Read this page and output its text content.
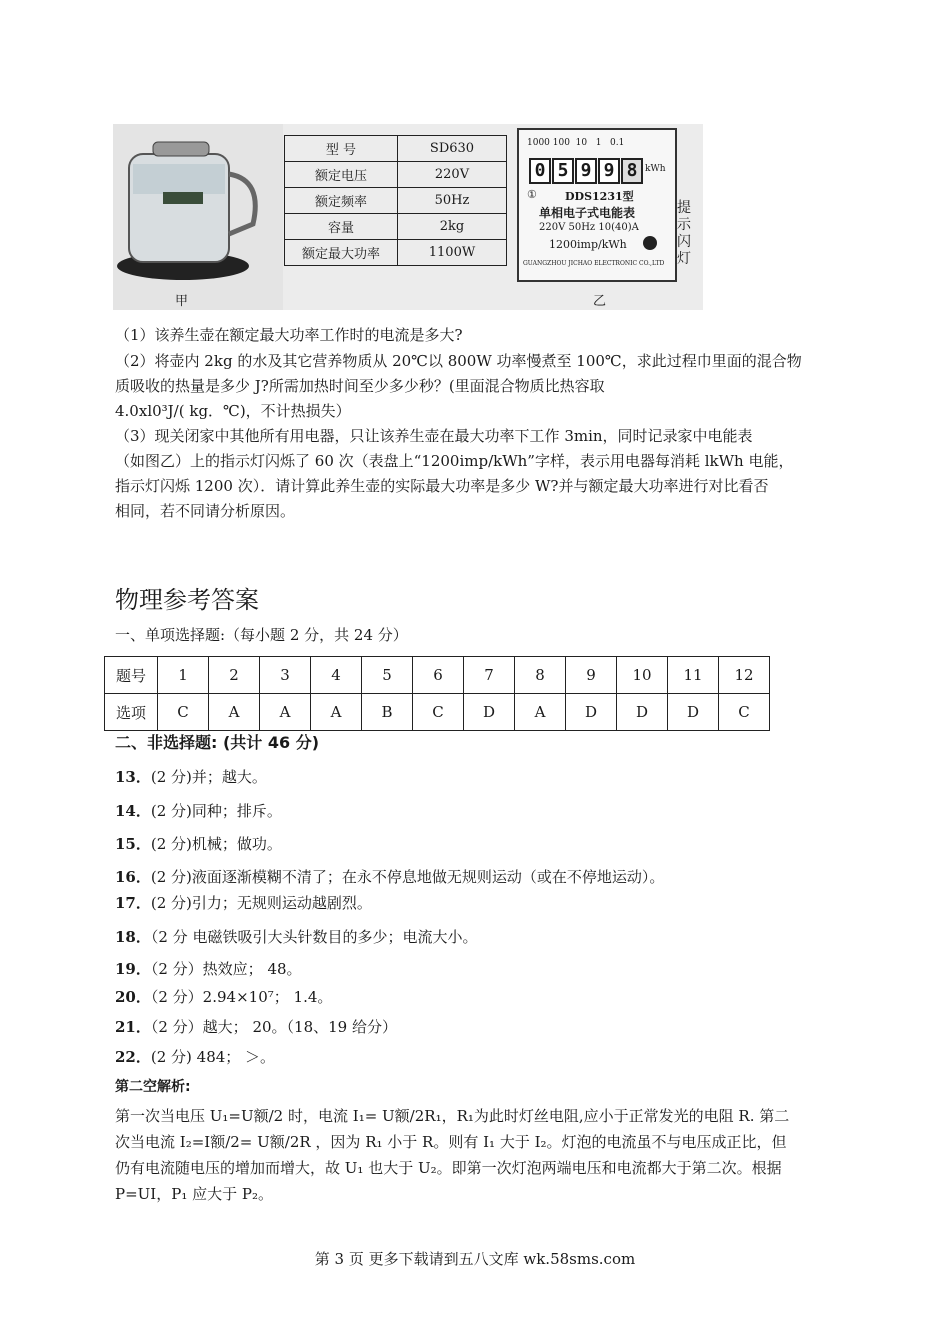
甲
型 号	SD630
额定电压	220V
额定频率	50Hz
容量	2kg
额定最大功率	1100W
1000 100  10   1   0.1
0 5 9 9 8 kWh
①	DDS1231型
单相电子式电能表
220V 50Hz 10(40)A
1200imp/kWh
GUANGZHOU JICHAO ELECTRONIC CO.,LTD
提示闪灯
乙
（1）该养生壶在额定最大功率工作时的电流是多大?
（2）将壶内 2kg 的水及其它营养物质从 20℃以 800W 功率慢煮至 100℃，求此过程巾里面的混合物
质吸收的热量是多少 J?所需加热时间至少多少秒？(里面混合物质比热容取
4.0xl0³J/( kg．℃)，不计热损失）
（3）现关闭家中其他所有用电器，只让该养生壶在最大功率下工作 3min，同时记录家中电能表
（如图乙）上的指示灯闪烁了 60 次（表盘上“1200imp/kWh”字样，表示用电器每消耗 lkWh 电能，
指示灯闪烁 1200 次）．请计算此养生壶的实际最大功率是多少 W?并与额定最大功率进行对比看否
相同，若不同请分析原因。
物理参考答案
一、单项选择题:（每小题 2 分，共 24 分）
题号	1	2	3	4	5	6	7	8	9	10	11	12
选项	C	A	A	A	B	C	D	A	D	D	D	C
二、非选择题: (共计 46 分)
13．(2 分)并；越大。
14．(2 分)同种；排斥。
15．(2 分)机械；做功。
16．(2 分)液面逐渐模糊不清了；在永不停息地做无规则运动（或在不停地运动）。
17．(2 分)引力；无规则运动越剧烈。
18．（2 分 电磁铁吸引大头针数目的多少；电流大小。
19．（2 分）热效应； 48。
20．（2 分）2.94×10⁷； 1.4。
21．（2 分）越大； 20。（18、19 给分）
22．(2 分) 484； ＞。
第二空解析:
第一次当电压 U₁=U额/2 时，电流 I₁= U额/2R₁，R₁为此时灯丝电阻,应小于正常发光的电阻 R. 第二
次当电流 I₂=I额/2= U额/2R ，因为 R₁ 小于 R。则有 I₁ 大于 I₂。灯泡的电流虽不与电压成正比，但
仍有电流随电压的增加而增大，故 U₁ 也大于 U₂。即第一次灯泡两端电压和电流都大于第二次。根据
P=UI，P₁ 应大于 P₂。
第 3 页 更多下载请到五八文库 wk.58sms.com
